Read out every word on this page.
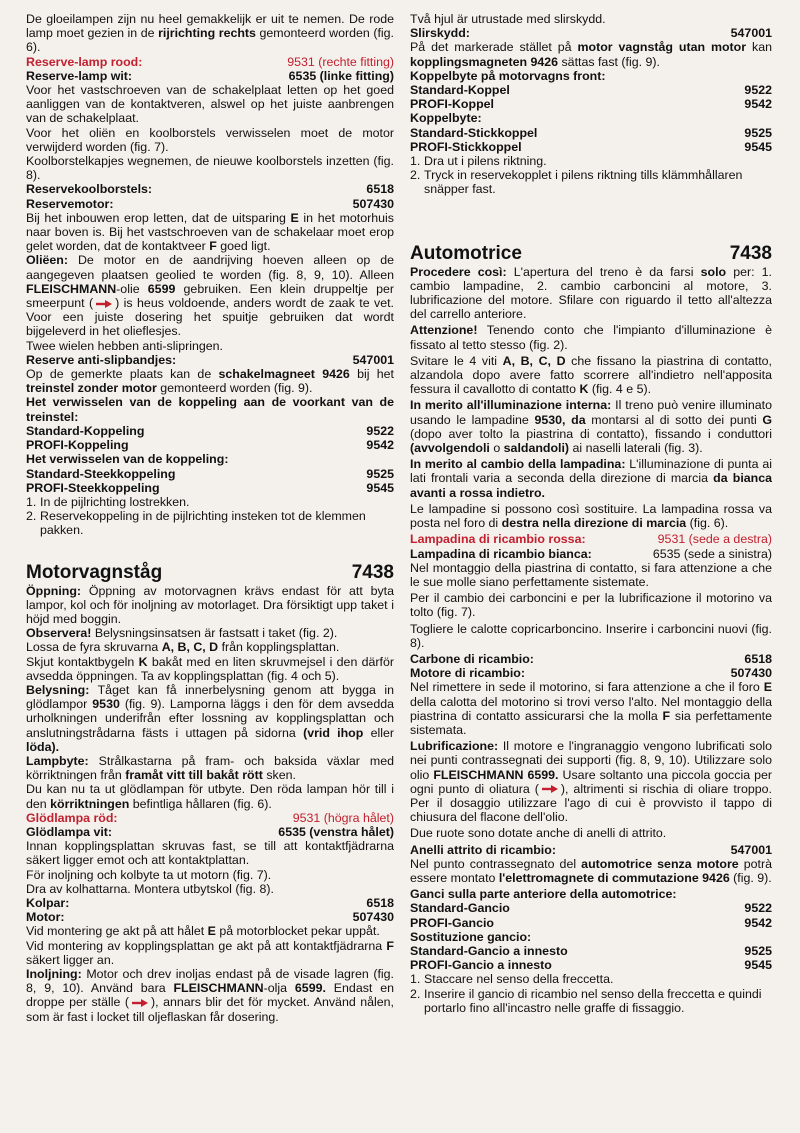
De gloeilampen zijn nu heel gemakkelijk er uit te nemen. De rode lamp moet gezien in de rijrichting rechts gemonteerd worden (fig. 6).

Reserve-lamp rood:	9531 (rechte fitting)
Reserve-lamp wit:	6535 (linke fitting)

Voor het vastschroeven van de schakelplaat letten op het goed aanliggen van de kontaktveren, alswel op het juiste aanbrengen van de schakelplaat.

Voor het oliën en koolborstels verwisselen moet de motor verwijderd worden (fig. 7).

Koolborstelkapjes wegnemen, de nieuwe koolborstels inzetten (fig. 8).

Reservekoolborstels:	6518
Reservemotor:	507430

Bij het inbouwen erop letten, dat de uitsparing E in het motorhuis naar boven is. Bij het vastschroeven van de schakelaar moet erop gelet worden, dat de kontaktveer F goed ligt.

Oliëen: De motor en de aandrijving hoeven alleen op de aangegeven plaatsen geolied te worden (fig. 8, 9, 10). Alleen FLEISCHMANN-olie 6599 gebruiken. Een klein druppeltje per smeerpunt ( ) is heus voldoende, anders wordt de zaak te vet. Voor een juiste dosering het spuitje gebruiken dat wordt bijgeleverd in het olieflesjes.

Twee wielen hebben anti-slipringen.

Reserve anti-slipbandjes:	547001

Op de gemerkte plaats kan de schakelmagneet 9426 bij het treinstel zonder motor gemonteerd worden (fig. 9).

Het verwisselen van de koppeling aan de voorkant van de treinstel:

Standard-Koppeling	9522
PROFI-Koppeling	9542

Het verwisselen van de koppeling:

Standard-Steekkoppeling	9525
PROFI-Steekkoppeling	9545
1. In de pijlrichting lostrekken.
2. Reservekoppeling in de pijlrichting insteken tot de klemmen pakken.
Motorvagnståg	7438

Öppning: Öppning av motorvagnen krävs endast för att byta lampor, kol och för inoljning av motorlaget. Dra försiktigt upp taket i höjd med boggin.

Observera! Belysningsinsatsen är fastsatt i taket (fig. 2).

Lossa de fyra skruvarna A, B, C, D från kopplingsplattan.

Skjut kontaktbygeln K bakåt med en liten skruvmejsel i den därför avsedda öppningen. Ta av kopplingsplattan (fig. 4 och 5).

Belysning: Tåget kan få innerbelysning genom att bygga in glödlampor 9530 (fig. 9). Lamporna läggs i den för dem avsedda urholkningen underifrån efter lossning av kopplingsplattan och anslutningstrådarna fästs i uttagen på sidorna (vrid ihop eller löda).

Lampbyte: Strålkastarna på fram- och baksida växlar med körriktningen från framåt vitt till bakåt rött sken.

Du kan nu ta ut glödlampan för utbyte. Den röda lampan hör till i den körriktningen befintliga hållaren (fig. 6).

Glödlampa röd:	9531 (högra hålet)
Glödlampa vit:	6535 (venstra hålet)

Innan kopplingsplattan skruvas fast, se till att kontaktfjädrarna säkert ligger emot och att kontaktplattan.

För inoljning och kolbyte ta ut motorn (fig. 7).

Dra av kolhattarna. Montera utbytskol (fig. 8).

Kolpar:	6518
Motor:	507430

Vid montering ge akt på att hålet E på motorblocket pekar uppåt.

Vid montering av kopplingsplattan ge akt på att kontaktfjädrarna F säkert ligger an.

Inoljning: Motor och drev inoljas endast på de visade lagren (fig. 8, 9, 10). Använd bara FLEISCHMANN-olja 6599. Endast en droppe per ställe ( ), annars blir det för mycket. Använd nålen, som är fast i locket till oljeflaskan får dosering.

Två hjul är utrustade med slirskydd.

Slirskydd:	547001

På det markerade stället på motor vagnståg utan motor kan kopplingsmagneten 9426 sättas fast (fig. 9).

Koppelbyte på motorvagns front:

Standard-Koppel	9522
PROFI-Koppel	9542

Koppelbyte:

Standard-Stickkoppel	9525
PROFI-Stickkoppel	9545
1. Dra ut i pilens riktning.
2. Tryck in reservekopplet i pilens riktning tills klämmhållaren snäpper fast.
Automotrice	7438

Procedere così: L'apertura del treno è da farsi solo per: 1. cambio lampadine, 2. cambio carboncini al motore, 3. lubrificazione del motore. Sfilare con riguardo il tetto all'altezza del carrello anteriore.

Attenzione! Tenendo conto che l'impianto d'illuminazione è fissato al tetto stesso (fig. 2).

Svitare le 4 viti A, B, C, D che fissano la piastrina di contatto, alzandola dopo avere fatto scorrere all'indietro nell'apposita fessura il cavallotto di contatto K (fig. 4 e 5).

In merito all'illuminazione interna: Il treno può venire illuminato usando le lampadine 9530, da montarsi al di sotto dei punti G (dopo aver tolto la piastrina di contatto), fissando i conduttori (avvolgendoli o saldandoli) ai naselli laterali (fig. 3).

In merito al cambio della lampadina: L'illuminazione di punta ai lati frontali varia a seconda della direzione di marcia da bianca avanti a rossa indietro.

Le lampadine si possono così sostituire. La lampadina rossa va posta nel foro di destra nella direzione di marcia (fig. 6).

Lampadina di ricambio rossa:	9531 (sede a destra)
Lampadina di ricambio bianca:	6535 (sede a sinistra)

Nel montaggio della piastrina di contatto, si fara attenzione a che le sue molle siano perfettamente sistemate.

Per il cambio dei carboncini e per la lubrificazione il motorino va tolto (fig. 7).

Togliere le calotte copricarboncino. Inserire i carboncini nuovi (fig. 8).

Carbone di ricambio:	6518
Motore di ricambio:	507430

Nel rimettere in sede il motorino, si fara attenzione a che il foro E della calotta del motorino si trovi verso l'alto. Nel montaggio della piastrina di contatto assicurarsi che la molla F sia perfettamente sistemata.

Lubrificazione: Il motore e l'ingranaggio vengono lubrificati solo nei punti contrassegnati dei supporti (fig. 8, 9, 10). Utilizzare solo olio FLEISCHMANN 6599. Usare soltanto una piccola goccia per ogni punto di oliatura ( ), altrimenti si rischia di oliare troppo. Per il dosaggio utilizzare l'ago di cui è provvisto il tappo di chiusura del flacone dell'olio.

Due ruote sono dotate anche di anelli di attrito.

Anelli attrito di ricambio:	547001

Nel punto contrassegnato del automotrice senza motore potrà essere montato l'elettromagnete di commutazione 9426 (fig. 9).

Ganci sulla parte anteriore della automotrice:

Standard-Gancio	9522
PROFI-Gancio	9542

Sostituzione gancio:

Standard-Gancio a innesto	9525
PROFI-Gancio a innesto	9545
1. Staccare nel senso della freccetta.
2. Inserire il gancio di ricambio nel senso della freccetta e quindi portarlo fino all'incastro nelle graffe di fissaggio.
